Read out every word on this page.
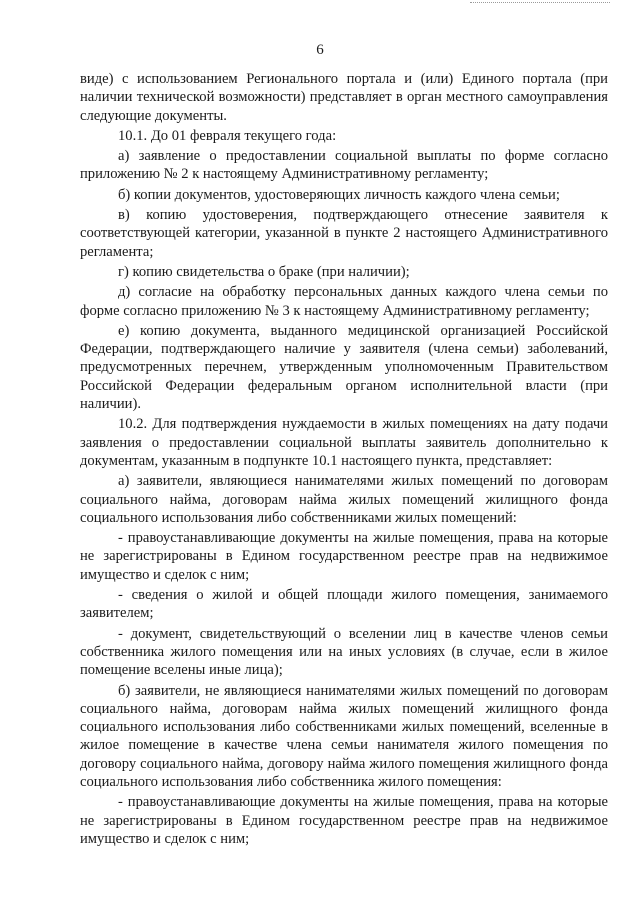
6

виде) с использованием Регионального портала и (или) Единого портала (при наличии технической возможности) представляет в орган местного самоуправления следующие документы.

10.1. До 01 февраля текущего года:

а) заявление о предоставлении социальной выплаты по форме согласно приложению № 2 к настоящему Административному регламенту;

б) копии документов, удостоверяющих личность каждого члена семьи;

в) копию удостоверения, подтверждающего отнесение заявителя к соответствующей категории, указанной в пункте 2 настоящего Административного регламента;

г) копию свидетельства о браке (при наличии);

д) согласие на обработку персональных данных каждого члена семьи по форме согласно приложению № 3 к настоящему Административному регламенту;

е) копию документа, выданного медицинской организацией Российской Федерации, подтверждающего наличие у заявителя (члена семьи) заболеваний, предусмотренных перечнем, утвержденным уполномоченным Правительством Российской Федерации федеральным органом исполнительной власти (при наличии).

10.2. Для подтверждения нуждаемости в жилых помещениях на дату подачи заявления о предоставлении социальной выплаты заявитель дополнительно к документам, указанным в подпункте 10.1 настоящего пункта, представляет:

а) заявители, являющиеся нанимателями жилых помещений по договорам социального найма, договорам найма жилых помещений жилищного фонда социального использования либо собственниками жилых помещений:

- правоустанавливающие документы на жилые помещения, права на которые не зарегистрированы в Едином государственном реестре прав на недвижимое имущество и сделок с ним;

- сведения о жилой и общей площади жилого помещения, занимаемого заявителем;

- документ, свидетельствующий о вселении лиц в качестве членов семьи собственника жилого помещения или на иных условиях (в случае, если в жилое помещение вселены иные лица);

б) заявители, не являющиеся нанимателями жилых помещений по договорам социального найма, договорам найма жилых помещений жилищного фонда социального использования либо собственниками жилых помещений, вселенные в жилое помещение в качестве члена семьи нанимателя жилого помещения по договору социального найма, договору найма жилого помещения жилищного фонда социального использования либо собственника жилого помещения:

- правоустанавливающие документы на жилые помещения, права на которые не зарегистрированы в Едином государственном реестре прав на недвижимое имущество и сделок с ним;
